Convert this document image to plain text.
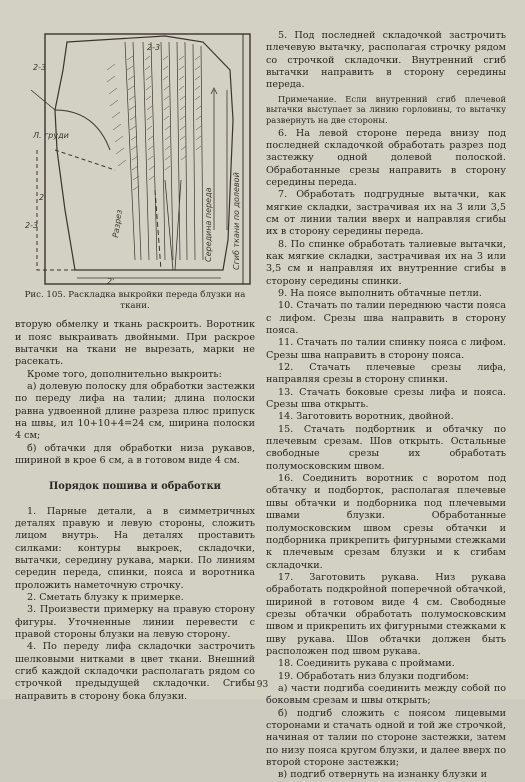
2-3
2-3
2-3
2
2'
Л. груди
Разрез	Середина переда Сгиб ткани по долевой

Рис. 105. Раскладка выкройки переда блузки на ткани.

вторую обмелку и ткань раскроить. Воротник и пояс выкраивать двойными. При раскрое вытачки на ткани не вырезать, марки не расекать.

Кроме того, дополнительно выкроить:

а) долевую полоску для обработки застежки по переду лифа на талии; длина полоски равна удвоенной длине разреза плюс припуск на швы, ил 10+10+4=24 см, ширина полоски 4 см;

б) обтачки для обработки низа рукавов, шириной в крое 6 см, а в готовом виде 4 см.

Порядок пошива и обработки

1. Парные детали, а в симметричных деталях правую и левую стороны, сложить лицом внутрь. На деталях проставить силками: контуры выкроек, складочки, вытачки, середину рукава, марки. По линиям середин переда, спинки, пояса и воротника проложить наметочную строчку.

2. Сметать блузку к примерке.

3. Произвести примерку на правую сторону фигуры. Уточненные линии перевести с правой стороны блузки на левую сторону.

4. По переду лифа складочки застрочить шелковыми нитками в цвет ткани. Внешний сгиб каждой складочки располагать рядом со строчкой предыдущей складочки. Сгибы направить в сторону бока блузки.

5. Под последней складочкой застрочить плечевую вытачку, располагая строчку рядом со строчкой складочки. Внутренний сгиб вытачки направить в сторону середины переда.

Примечание. Если внутренний сгиб плечевой вытачки выступает за линию горловины, то вытачку развернуть на две стороны.

6. На левой стороне переда внизу под последней складочкой обработать разрез под застежку одной долевой полоской. Обработанные срезы направить в сторону середины переда.

7. Обработать подгрудные вытачки, как мягкие складки, застрачивая их на 3 или 3,5 см от линии талии вверх и направляя сгибы их в сторону середины переда.

8. По спинке обработать талиевые вытачки, как мягкие складки, застрачивая их на 3 или 3,5 см и направляя их внутренние сгибы в сторону середины спинки.

9. На поясе выполнить обтачные петли.

10. Стачать по талии переднюю части пояса с лифом. Срезы шва направить в сторону пояса.

11. Стачать по талии спинку пояса с лифом. Срезы шва направить в сторону пояса.

12. Стачать плечевые срезы лифа, направляя срезы в сторону спинки.

13. Стачать боковые срезы лифа и пояса. Срезы шва открыть.

14. Заготовить воротник, двойной.

15. Стачать подбортник и обтачку по плечевым срезам. Шов открыть. Остальные свободные срезы их обработать полумосковским швом.

16. Соединить воротник с воротом под обтачку и подборток, располагая плечевые швы обтачки и подборника под плечевыми швами блузки. Обработанные полумосковским швом срезы обтачки и подборника прикрепить фигурными стежками к плечевым срезам блузки и к сгибам складочки.

17. Заготовить рукава. Низ рукава обработать подкройной поперечной обтачкой, шириной в готовом виде 4 см. Свободные срезы обтачки обработать полумосковским швом и прикрепить их фигурными стежками к шву рукава. Шов обтачки должен быть расположен под швом рукава.

18. Соединить рукава с проймами.

19. Обработать низ блузки подгибом:

а) части подгиба соединить между собой по боковым срезам и швы открыть;

б) подгиб сложить с поясом лицевыми сторонами и стачать одной и той же строчкой, начиная от талии по стороне застежки, затем по низу пояса кругом блузки, и далее вверх по второй стороне застежки;

в) подгиб отвернуть на изнанку блузки и

93
